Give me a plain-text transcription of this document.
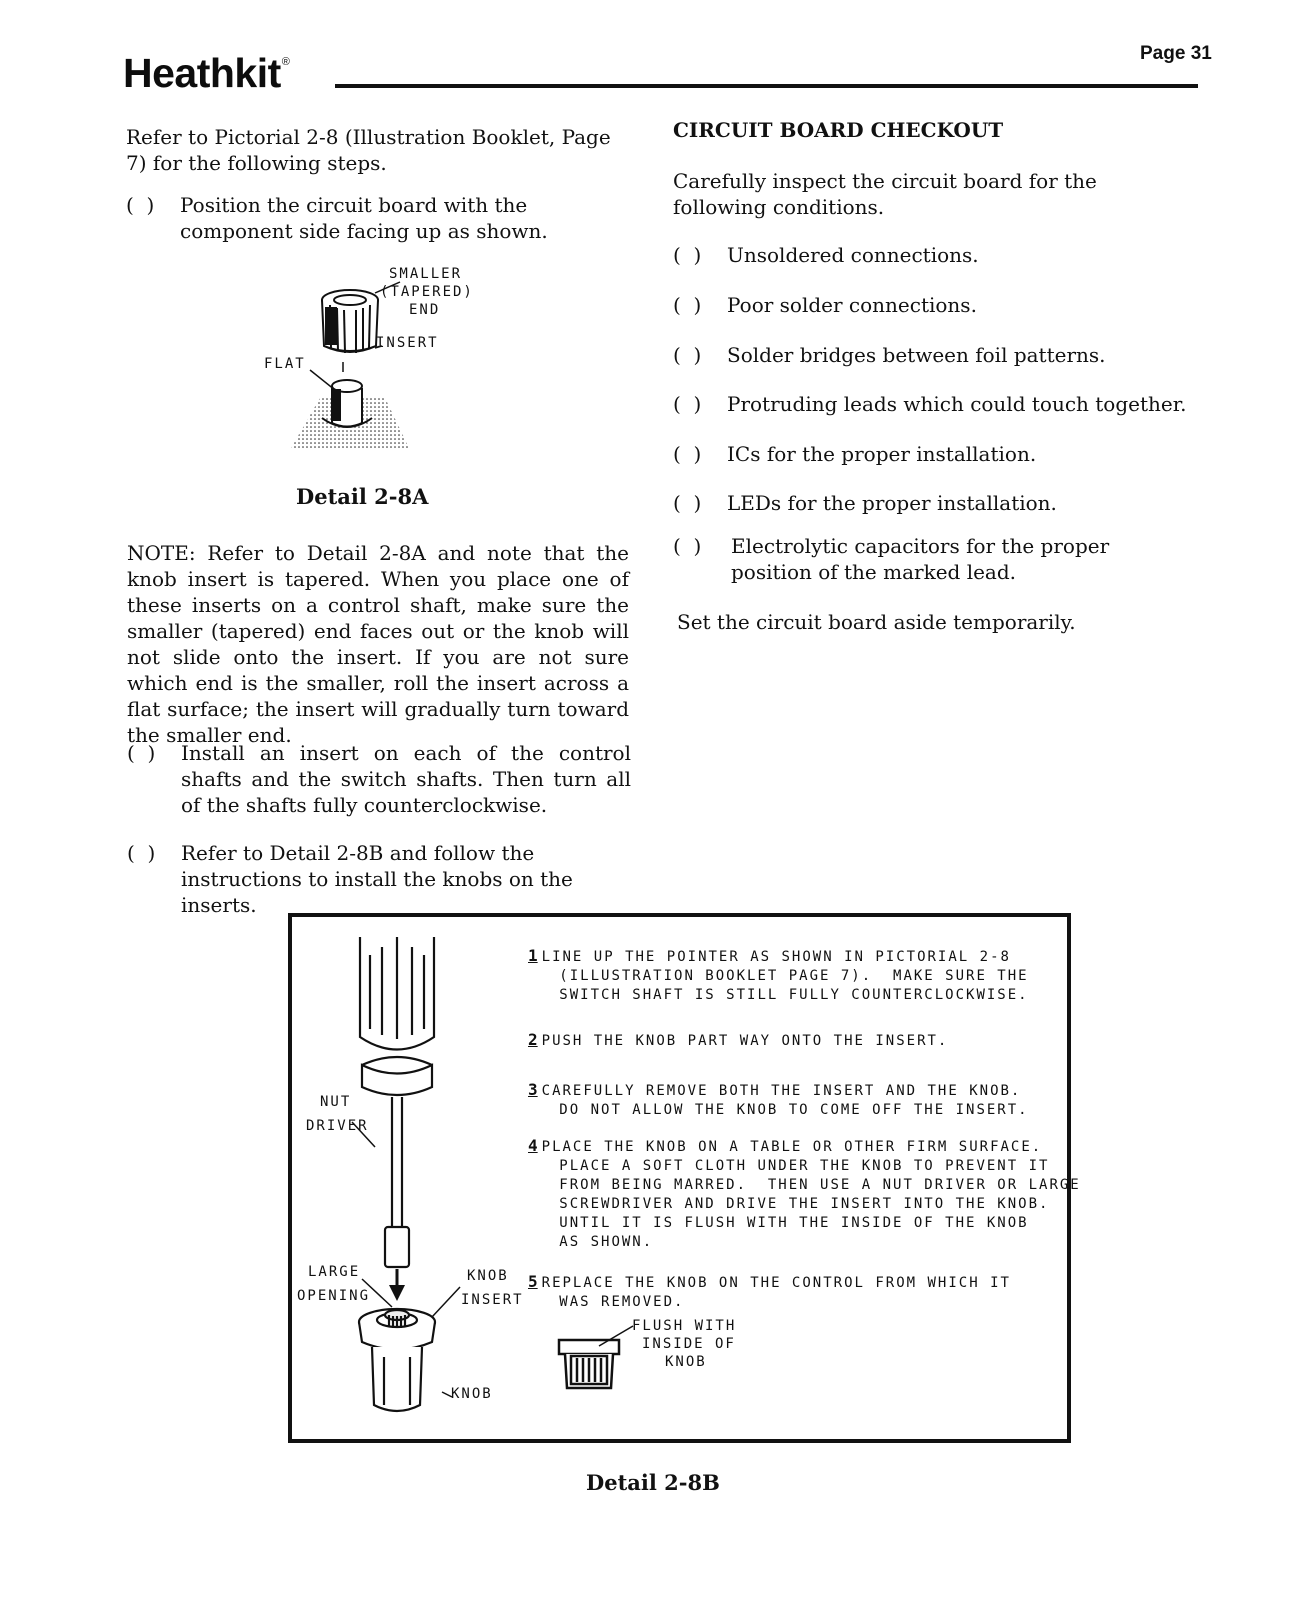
Heathkit®	Page 31
Refer to Pictorial 2-8 (Illustration Booklet, Page 7) for the following steps.
(  ) Position the circuit board with the component side facing up as shown.
SMALLER
(TAPERED)
END
INSERT
FLAT
Detail 2-8A
NOTE: Refer to Detail 2-8A and note that the knob insert is tapered. When you place one of these inserts on a control shaft, make sure the smaller (tapered) end faces out or the knob will not slide onto the insert. If you are not sure which end is the smaller, roll the insert across a flat surface; the insert will gradually turn toward the smaller end.
(  ) Install an insert on each of the control shafts and the switch shafts. Then turn all of the shafts fully counterclockwise.
(  ) Refer to Detail 2-8B and follow the instructions to install the knobs on the inserts.
CIRCUIT BOARD CHECKOUT
Carefully inspect the circuit board for the following conditions.
(  ) Unsoldered connections.
(  ) Poor solder connections.
(  ) Solder bridges between foil patterns.
(  ) Protruding leads which could touch together.
(  ) ICs for the proper installation.
(  ) LEDs for the proper installation.
(  ) Electrolytic capacitors for the proper position of the marked lead.
Set the circuit board aside temporarily.
NUT
DRIVER
LARGE
OPENING
KNOB
INSERT
KNOB
1 LINE UP THE POINTER AS SHOWN IN PICTORIAL 2-8
(ILLUSTRATION BOOKLET PAGE 7).  MAKE SURE THE
SWITCH SHAFT IS STILL FULLY COUNTERCLOCKWISE.
2 PUSH THE KNOB PART WAY ONTO THE INSERT.
3 CAREFULLY REMOVE BOTH THE INSERT AND THE KNOB.
DO NOT ALLOW THE KNOB TO COME OFF THE INSERT.
4 PLACE THE KNOB ON A TABLE OR OTHER FIRM SURFACE.
PLACE A SOFT CLOTH UNDER THE KNOB TO PREVENT IT
FROM BEING MARRED.  THEN USE A NUT DRIVER OR LARGE
SCREWDRIVER AND DRIVE THE INSERT INTO THE KNOB.
UNTIL IT IS FLUSH WITH THE INSIDE OF THE KNOB
AS SHOWN.
5 REPLACE THE KNOB ON THE CONTROL FROM WHICH IT
WAS REMOVED.
FLUSH WITH
INSIDE OF
KNOB
Detail 2-8B
